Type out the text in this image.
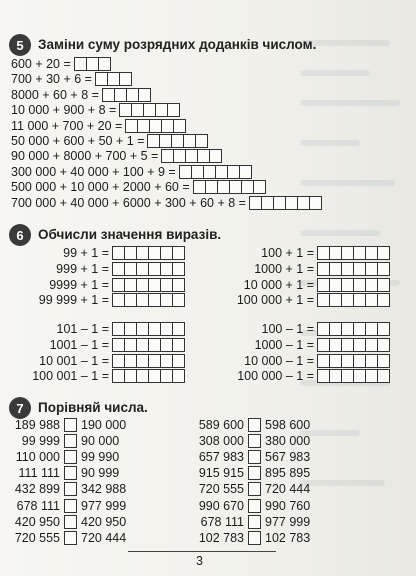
5	Заміни суму розрядних доданків числом.
600 + 20 =
700 + 30 + 6 =
8000 + 60 + 8 =
10 000 + 900 + 8 =
11 000 + 700 + 20 =
50 000 + 600 + 50 + 1 =
90 000 + 8000 + 700 + 5 =
300 000 + 40 000 + 100 + 9 =
500 000 + 10 000 + 2000 + 60 =
700 000 + 40 000 + 6000 + 300 + 60 + 8 =
6	Обчисли значення виразів.
99 + 1 =
999 + 1 =
9999 + 1 =
99 999 + 1 =
100 + 1 =
1000 + 1 =
10 000 + 1 =
100 000 + 1 =
101 – 1 =
1001 – 1 =
10 001 – 1 =
100 001 – 1 =
100 – 1 =
1000 – 1 =
10 000 – 1 =
100 000 – 1 =
7	Порівняй числа.
189 988 190 000
99 999 90 000
110 000 99 990
111 111 90 999
432 899 342 988
678 111 977 999
420 950 420 950
720 555 720 444
589 600 598 600
308 000 380 000
657 983 567 983
915 915 895 895
720 555 720 444
990 670 990 760
678 111 977 999
102 783 102 783
3
